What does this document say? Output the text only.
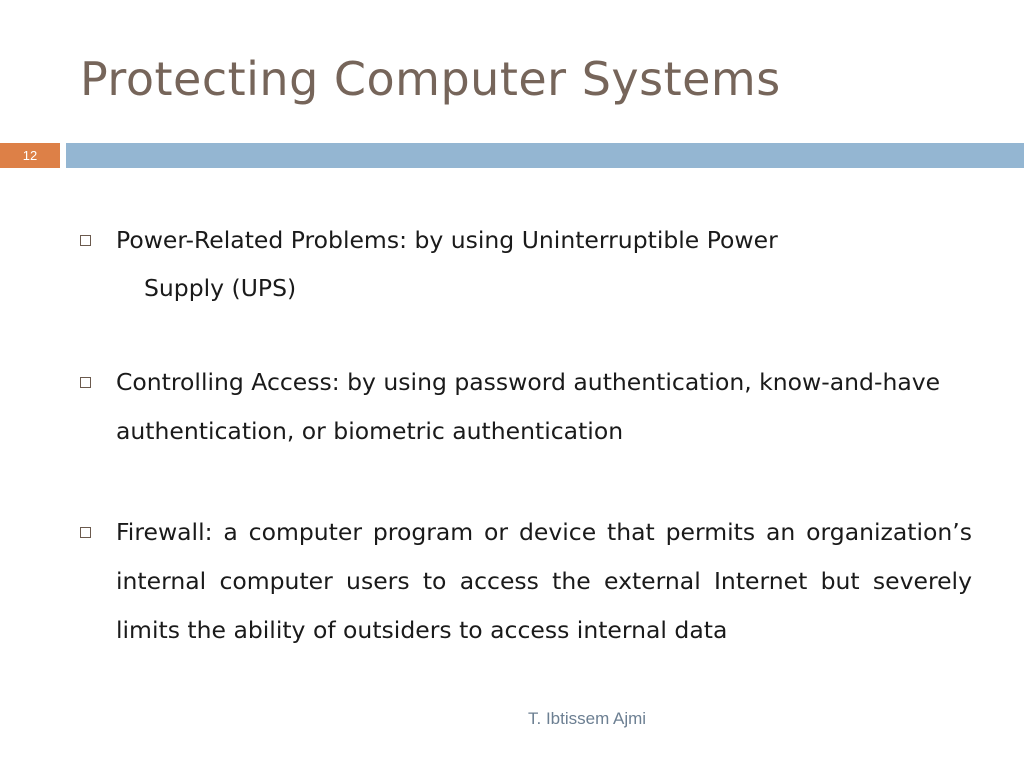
Protecting Computer Systems
12
Power-Related Problems: by using Uninterruptible Power
Supply (UPS)
Controlling Access: by using password authentication, know-and-have authentication, or biometric authentication
Firewall: a computer program or device that permits an organization’s internal computer users to access the external Internet but severely limits the ability of outsiders to access internal data
T. Ibtissem Ajmi
